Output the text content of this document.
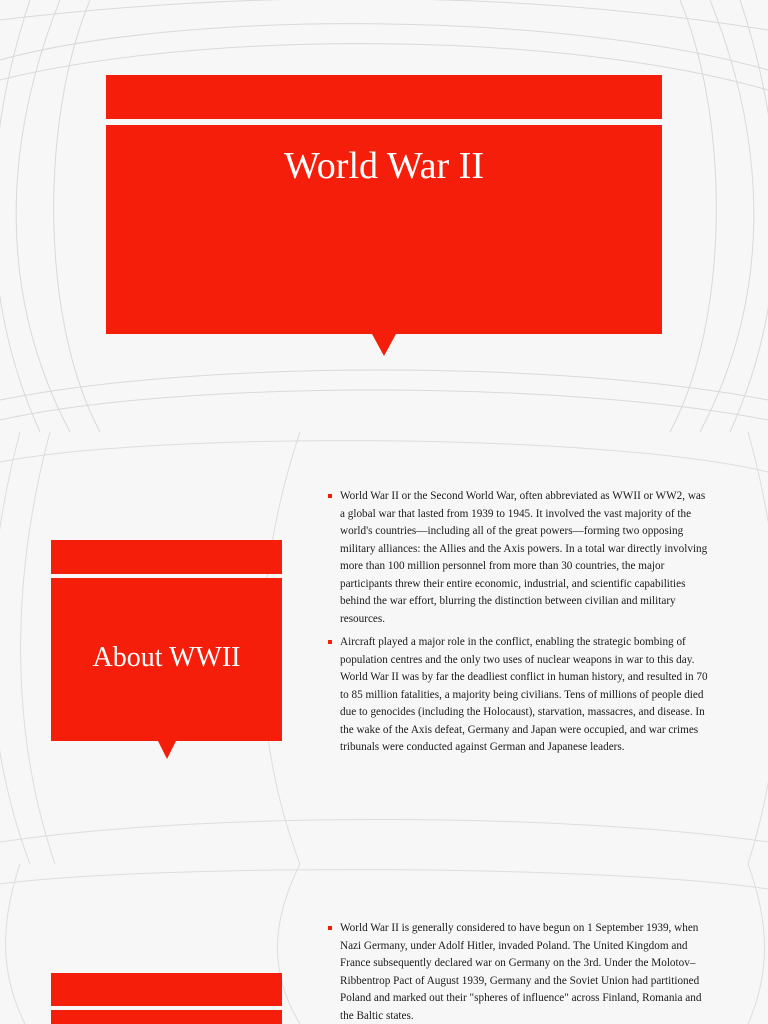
World War II
About WWII
World War II or the Second World War, often abbreviated as WWII or WW2, was a global war that lasted from 1939 to 1945. It involved the vast majority of the world's countries—including all of the great powers—forming two opposing military alliances: the Allies and the Axis powers. In a total war directly involving more than 100 million personnel from more than 30 countries, the major participants threw their entire economic, industrial, and scientific capabilities behind the war effort, blurring the distinction between civilian and military resources.
Aircraft played a major role in the conflict, enabling the strategic bombing of population centres and the only two uses of nuclear weapons in war to this day. World War II was by far the deadliest conflict in human history, and resulted in 70 to 85 million fatalities, a majority being civilians. Tens of millions of people died due to genocides (including the Holocaust), starvation, massacres, and disease. In the wake of the Axis defeat, Germany and Japan were occupied, and war crimes tribunals were conducted against German and Japanese leaders.
World War II is generally considered to have begun on 1 September 1939, when Nazi Germany, under Adolf Hitler, invaded Poland. The United Kingdom and France subsequently declared war on Germany on the 3rd. Under the Molotov–Ribbentrop Pact of August 1939, Germany and the Soviet Union had partitioned Poland and marked out their "spheres of influence" across Finland, Romania and the Baltic states.
